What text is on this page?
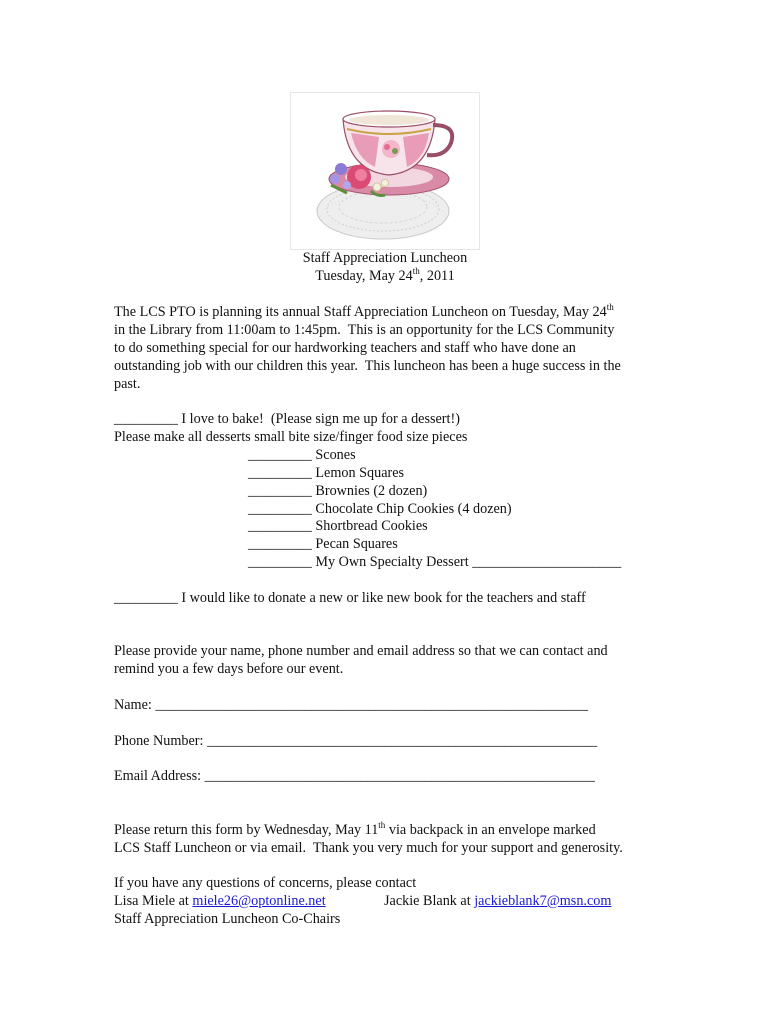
Staff Appreciation Luncheon
Tuesday, May 24th, 2011
The LCS PTO is planning its annual Staff Appreciation Luncheon on Tuesday, May 24th
in the Library from 11:00am to 1:45pm.  This is an opportunity for the LCS Community
to do something special for our hardworking teachers and staff who have done an
outstanding job with our children this year.  This luncheon has been a huge success in the
past.
_________ I love to bake!  (Please sign me up for a dessert!)
Please make all desserts small bite size/finger food size pieces
_________ Scones
_________ Lemon Squares
_________ Brownies (2 dozen)
_________ Chocolate Chip Cookies (4 dozen)
_________ Shortbread Cookies
_________ Pecan Squares
_________ My Own Specialty Dessert _____________________
_________ I would like to donate a new or like new book for the teachers and staff
Please provide your name, phone number and email address so that we can contact and
remind you a few days before our event.
Name: _____________________________________________________________
Phone Number: _______________________________________________________
Email Address: _______________________________________________________
Please return this form by Wednesday, May 11th via backpack in an envelope marked
LCS Staff Luncheon or via email.  Thank you very much for your support and generosity.
If you have any questions of concerns, please contact
Lisa Miele at miele26@optonline.net	Jackie Blank at jackieblank7@msn.com
Staff Appreciation Luncheon Co-Chairs
